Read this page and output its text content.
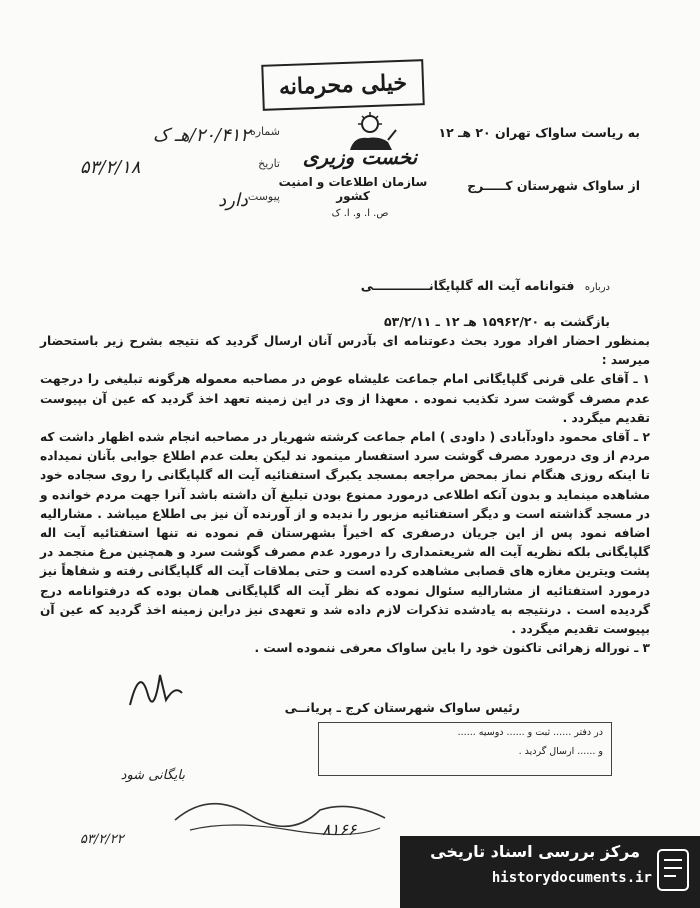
خیلی محرمانه
شماره
۲۰/۴۱۲/هـ ک
تاریخ
۵۳/۲/۱۸
پیوست
دارد
نخست وزیری
سازمان اطلاعات و امنیت کشور
ص. ا. و. ا. ک
به ریاست ساواک تهران ۲۰ هـ ۱۲
از ساواک شهرستان کـــــرج
درباره فتوانامه آیت اله گلپایگانـــــــــــــی
بازگشت به ۱۵۹۶۲/۲۰ هـ ۱۲ ـ ۵۳/۲/۱۱

بمنظور احضار افراد مورد بحث دعوتنامه ای بآدرس آنان ارسال گردید که نتیجه بشرح زیر باستحضار میرسد :

۱ ـ آقای علی قرنی گلپایگانی امام جماعت علیشاه عوض در مصاحبه معموله هرگونه تبلیغی را درجهت عدم مصرف گوشت سرد تکذیب نموده . معهذا از وی در این زمینه تعهد اخذ گردید که عین آن بپیوست تقدیم میگردد .

۲ ـ آقای محمود داودآبادی ( داودی ) امام جماعت کرشته شهریار در مصاحبه انجام شده اظهار داشت که مردم از وی درمورد مصرف گوشت سرد استفسار مینمود ند لیکن بعلت عدم اطلاع جوابی بآنان نمیداده تا اینکه روزی هنگام نماز بمحض مراجعه بمسجد یکبرگ استفتائیه آیت اله گلپایگانی را روی سجاده خود مشاهده مینماید و بدون آنکه اطلاعی درمورد ممنوع بودن تبلیغ آن داشته باشد آنرا جهت مردم خوانده و در مسجد گذاشته است و دیگر استفتائیه مزبور را ندیده و از آورنده آن نیز بی اطلاع میباشد . مشارالیه اضافه نمود پس از این جریان درصفری که اخیراً بشهرستان قم نموده نه تنها استفتائیه آیت اله گلپایگانی بلکه نظریه آیت اله شریعتمداری را درمورد عدم مصرف گوشت سرد و همچنین مرغ منجمد در پشت ویترین مغازه های قصابی مشاهده کرده است و حتی بملاقات آیت اله گلپایگانی رفته و شفاهاً نیز درمورد استفتائیه از مشارالیه سئوال نموده که نظر آیت اله گلپایگانی همان بوده که درفتوانامه درج گردیده است . درنتیجه به یادشده تذکرات لازم داده شد و تعهدی نیز دراین زمینه اخذ گردید که عین آن بپیوست تقدیم میگردد .

۳ ـ نوراله زهرائی تاکنون خود را باین ساواک معرفی ننموده است .

رئیس ساواک شهرستان کرج ـ پریانــی
در دفتر ...... ثبت و ...... دوسیه ......
و ...... ارسال گردید .
بایگانی شود
۵۳/۲/۲۲
۸۱۶۶
مرکز بررسی اسناد تاریخی
historydocuments.ir
